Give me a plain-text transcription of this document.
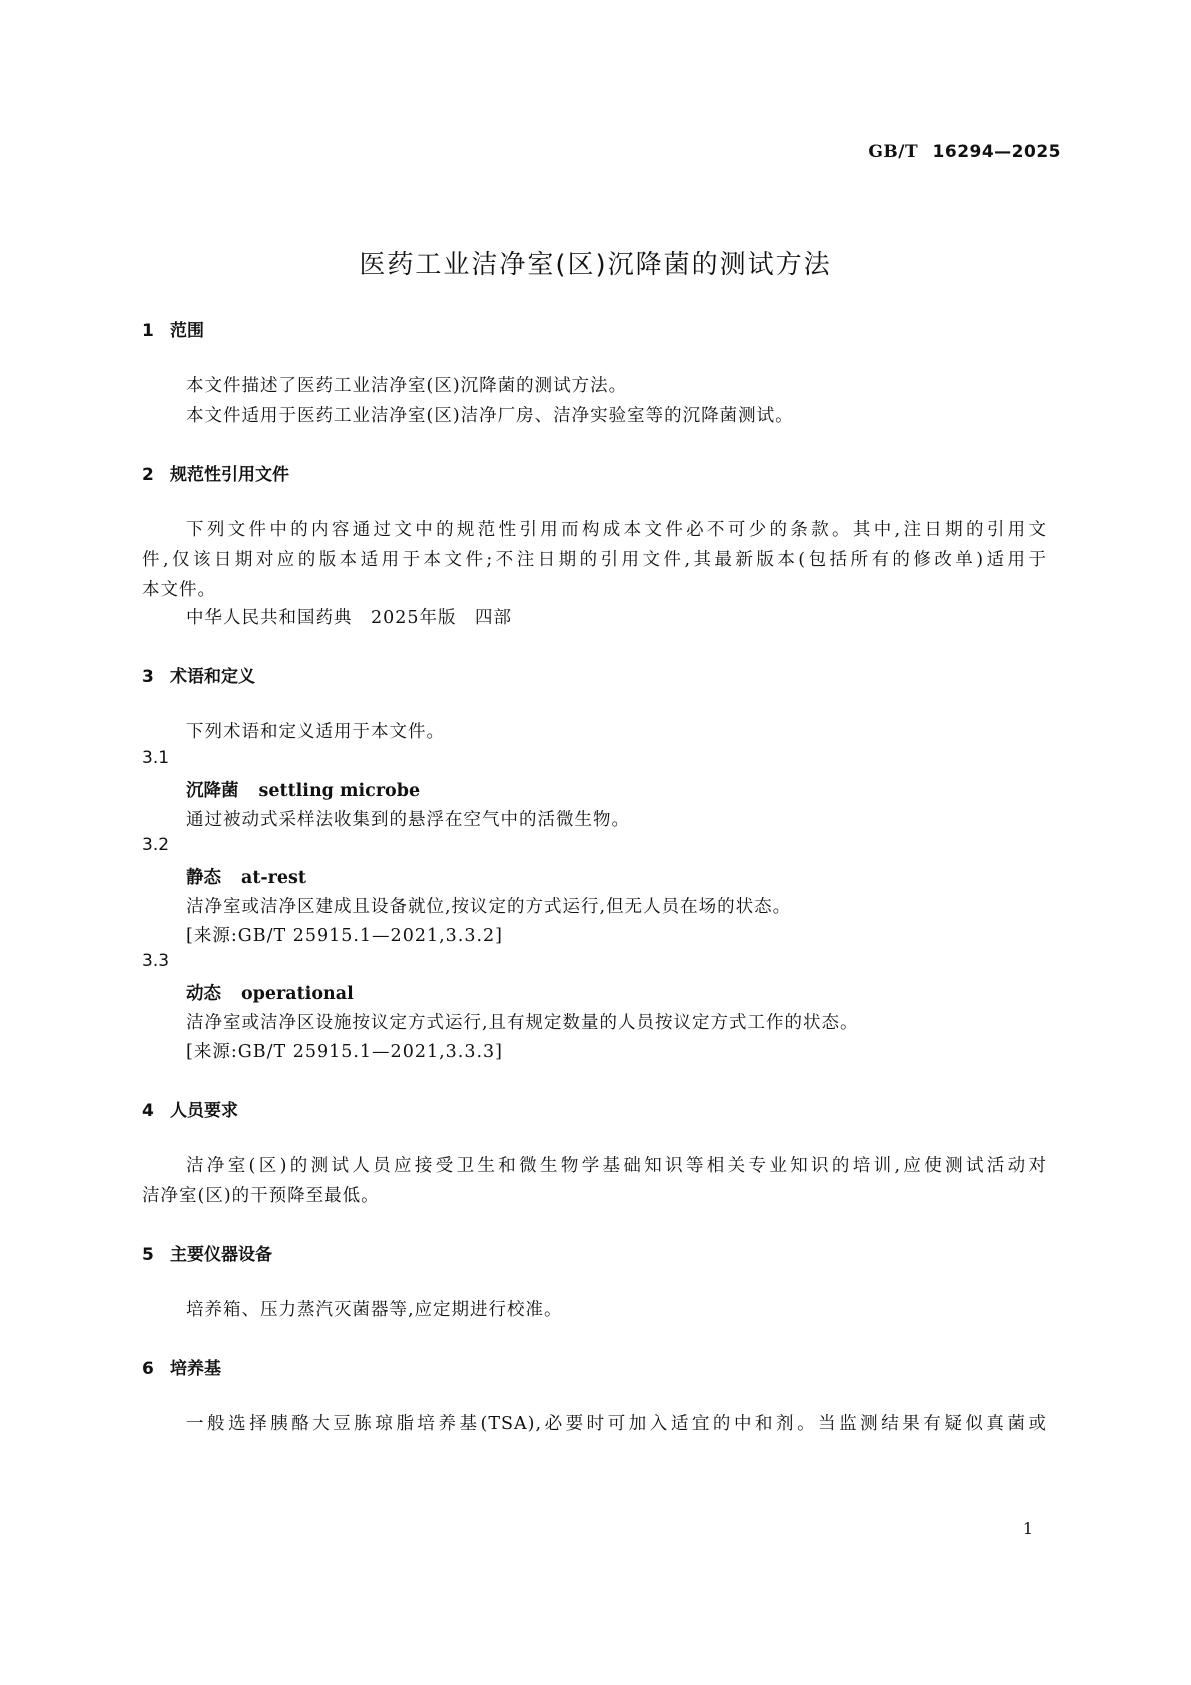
GB/T 16294—2025
医药工业洁净室(区)沉降菌的测试方法
1 范围
本文件描述了医药工业洁净室(区)沉降菌的测试方法。
本文件适用于医药工业洁净室(区)洁净厂房、洁净实验室等的沉降菌测试。
2 规范性引用文件
下列文件中的内容通过文中的规范性引用而构成本文件必不可少的条款。其中,注日期的引用文
件,仅该日期对应的版本适用于本文件;不注日期的引用文件,其最新版本(包括所有的修改单)适用于
本文件。
中华人民共和国药典　2025年版　四部
3 术语和定义
下列术语和定义适用于本文件。
3.1
沉降菌 settling microbe
通过被动式采样法收集到的悬浮在空气中的活微生物。
3.2
静态 at-rest
洁净室或洁净区建成且设备就位,按议定的方式运行,但无人员在场的状态。
[来源:GB/T 25915.1—2021,3.3.2]
3.3
动态 operational
洁净室或洁净区设施按议定方式运行,且有规定数量的人员按议定方式工作的状态。
[来源:GB/T 25915.1—2021,3.3.3]
4 人员要求
洁净室(区)的测试人员应接受卫生和微生物学基础知识等相关专业知识的培训,应使测试活动对
洁净室(区)的干预降至最低。
5 主要仪器设备
培养箱、压力蒸汽灭菌器等,应定期进行校准。
6 培养基
一般选择胰酪大豆胨琼脂培养基(TSA),必要时可加入适宜的中和剂。当监测结果有疑似真菌或
1
